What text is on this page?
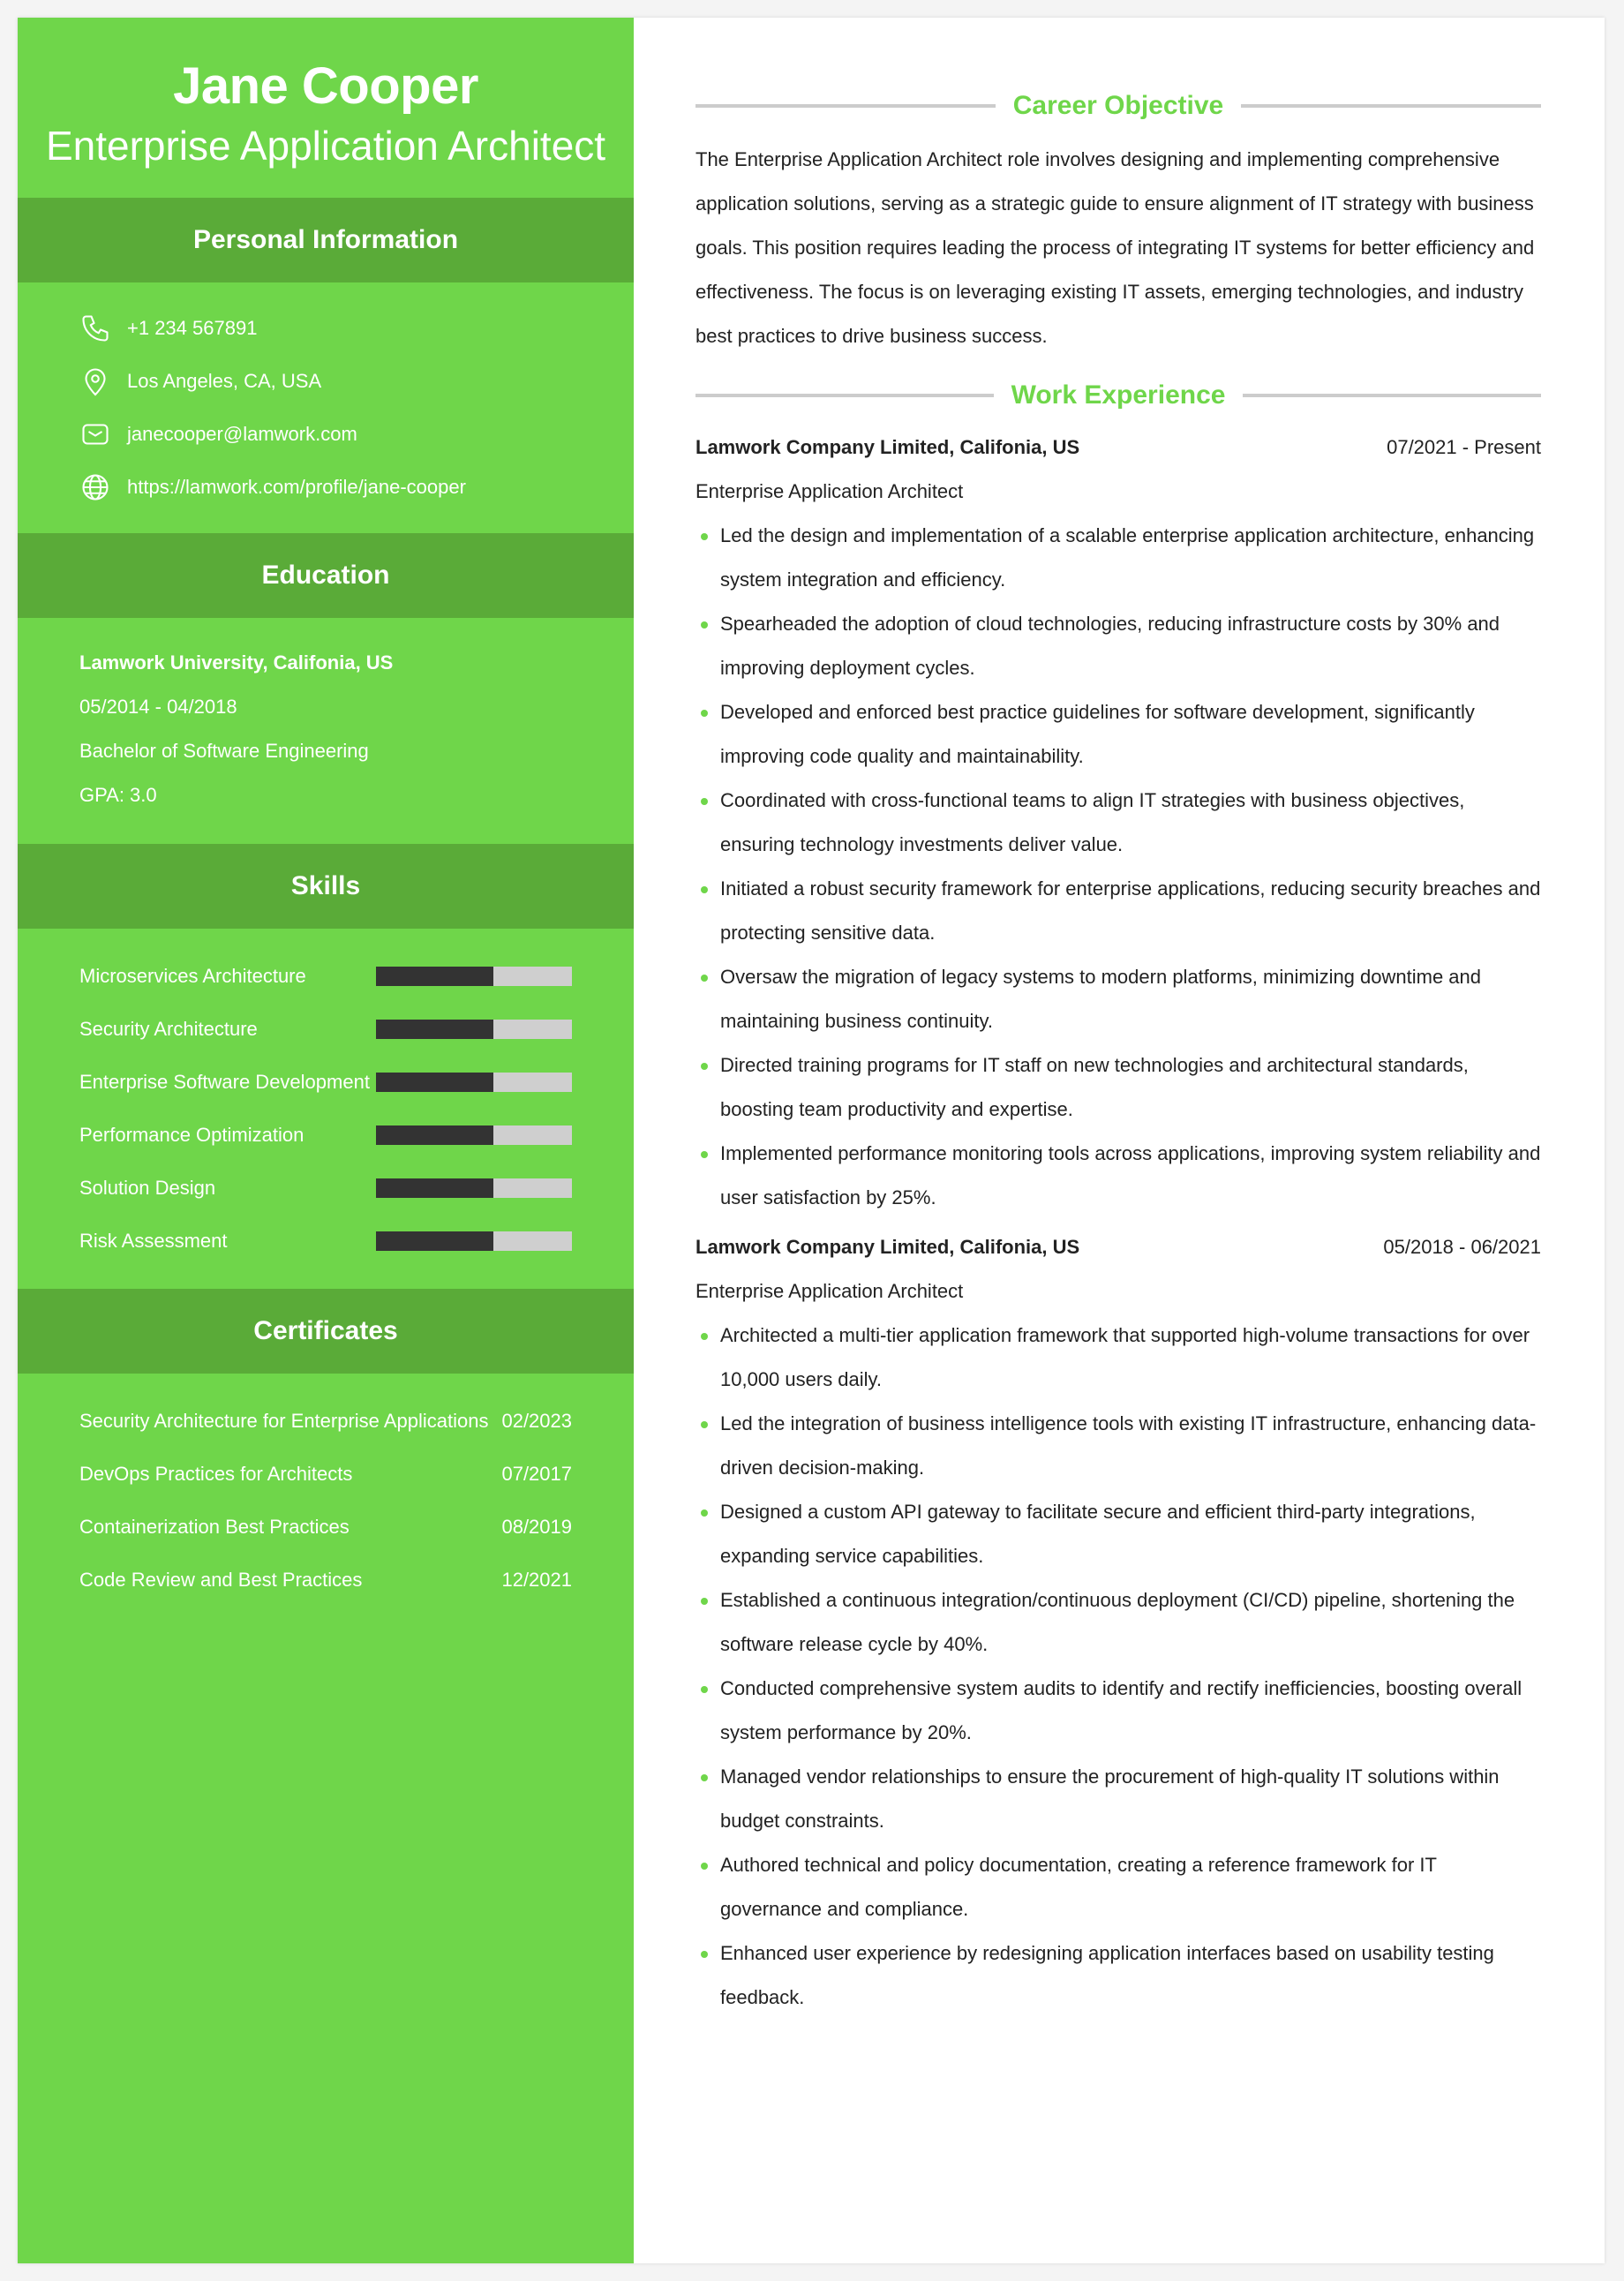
Jane Cooper
Enterprise Application Architect
Personal Information
+1 234 567891
Los Angeles, CA, USA
janecooper@lamwork.com
https://lamwork.com/profile/jane-cooper
Education
Lamwork University, Califonia, US
05/2014 - 04/2018
Bachelor of Software Engineering
GPA: 3.0
Skills
Microservices Architecture
Security Architecture
Enterprise Software Development
Performance Optimization
Solution Design
Risk Assessment
Certificates
Security Architecture for Enterprise Applications 02/2023
DevOps Practices for Architects	07/2017
Containerization Best Practices	08/2019
Code Review and Best Practices	12/2021
Career Objective

The Enterprise Application Architect role involves designing and implementing comprehensive application solutions, serving as a strategic guide to ensure alignment of IT strategy with business goals. This position requires leading the process of integrating IT systems for better efficiency and effectiveness. The focus is on leveraging existing IT assets, emerging technologies, and industry best practices to drive business success.

Work Experience
Lamwork Company Limited, Califonia, US	07/2021 - Present
Enterprise Application Architect
Led the design and implementation of a scalable enterprise application architecture, enhancing system integration and efficiency.
Spearheaded the adoption of cloud technologies, reducing infrastructure costs by 30% and improving deployment cycles.
Developed and enforced best practice guidelines for software development, significantly improving code quality and maintainability.
Coordinated with cross-functional teams to align IT strategies with business objectives, ensuring technology investments deliver value.
Initiated a robust security framework for enterprise applications, reducing security breaches and protecting sensitive data.
Oversaw the migration of legacy systems to modern platforms, minimizing downtime and maintaining business continuity.
Directed training programs for IT staff on new technologies and architectural standards, boosting team productivity and expertise.
Implemented performance monitoring tools across applications, improving system reliability and user satisfaction by 25%.
Lamwork Company Limited, Califonia, US	05/2018 - 06/2021
Enterprise Application Architect
Architected a multi-tier application framework that supported high-volume transactions for over 10,000 users daily.
Led the integration of business intelligence tools with existing IT infrastructure, enhancing data-driven decision-making.
Designed a custom API gateway to facilitate secure and efficient third-party integrations, expanding service capabilities.
Established a continuous integration/continuous deployment (CI/CD) pipeline, shortening the software release cycle by 40%.
Conducted comprehensive system audits to identify and rectify inefficiencies, boosting overall system performance by 20%.
Managed vendor relationships to ensure the procurement of high-quality IT solutions within budget constraints.
Authored technical and policy documentation, creating a reference framework for IT governance and compliance.
Enhanced user experience by redesigning application interfaces based on usability testing feedback.
